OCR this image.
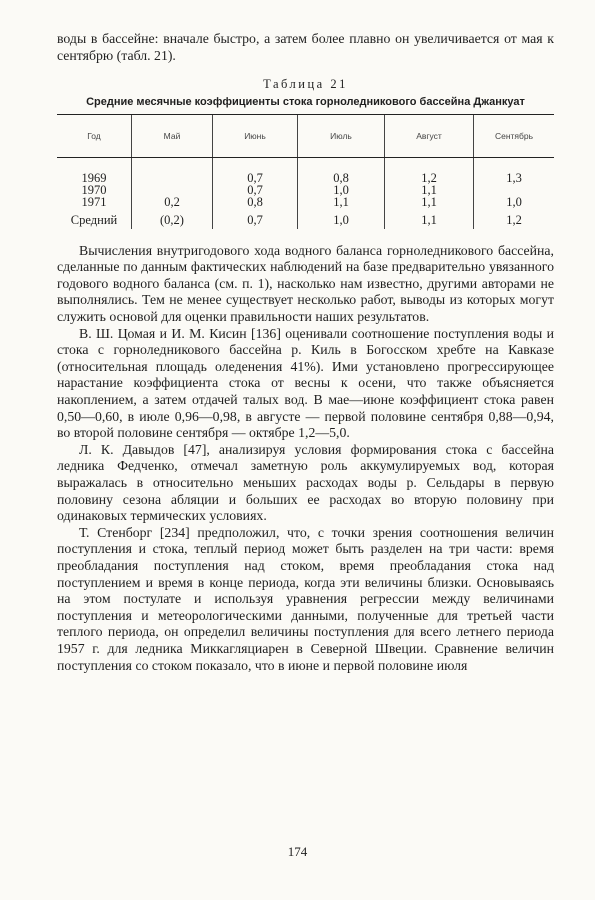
воды в бассейне: вначале быстро, а затем более плавно он увеличивается от мая к сентябрю (табл. 21).

Таблица 21
Средние месячные коэффициенты стока горноледникового бассейна Джанкуат
Год	Май	Июнь	Июль	Август	Сентябрь
1969		0,7	0,8	1,2	1,3
1970		0,7	1,0	1,1	
1971	0,2	0,8	1,1	1,1	1,0
Средний	(0,2)	0,7	1,0	1,1	1,2

Вычисления внутригодового хода водного баланса горноледникового бассейна, сделанные по данным фактических наблюдений на базе предварительно увязанного годового водного баланса (см. п. 1), насколько нам известно, другими авторами не выполнялись. Тем не менее существует несколько работ, выводы из которых могут служить основой для оценки правильности наших результатов.

В. Ш. Цомая и И. М. Кисин [136] оценивали соотношение поступления воды и стока с горноледникового бассейна р. Киль в Богосском хребте на Кавказе (относительная площадь оледенения 41%). Ими установлено прогрессирующее нарастание коэффициента стока от весны к осени, что также объясняется накоплением, а затем отдачей талых вод. В мае—июне коэффициент стока равен 0,50—0,60, в июле 0,96—0,98, в августе — первой половине сентября 0,88—0,94, во второй половине сентября — октябре 1,2—5,0.

Л. К. Давыдов [47], анализируя условия формирования стока с бассейна ледника Федченко, отмечал заметную роль аккумулируемых вод, которая выражалась в относительно меньших расходах воды р. Сельдары в первую половину сезона абляции и больших ее расходах во вторую половину при одинаковых термических условиях.

Т. Стенборг [234] предположил, что, с точки зрения соотношения величин поступления и стока, теплый период может быть разделен на три части: время преобладания поступления над стоком, время преобладания стока над поступлением и время в конце периода, когда эти величины близки. Основываясь на этом постулате и используя уравнения регрессии между величинами поступления и метеорологическими данными, полученные для третьей части теплого периода, он определил величины поступления для всего летнего периода 1957 г. для ледника Миккагляциарен в Северной Швеции. Сравнение величин поступления со стоком показало, что в июне и первой половине июля

174
